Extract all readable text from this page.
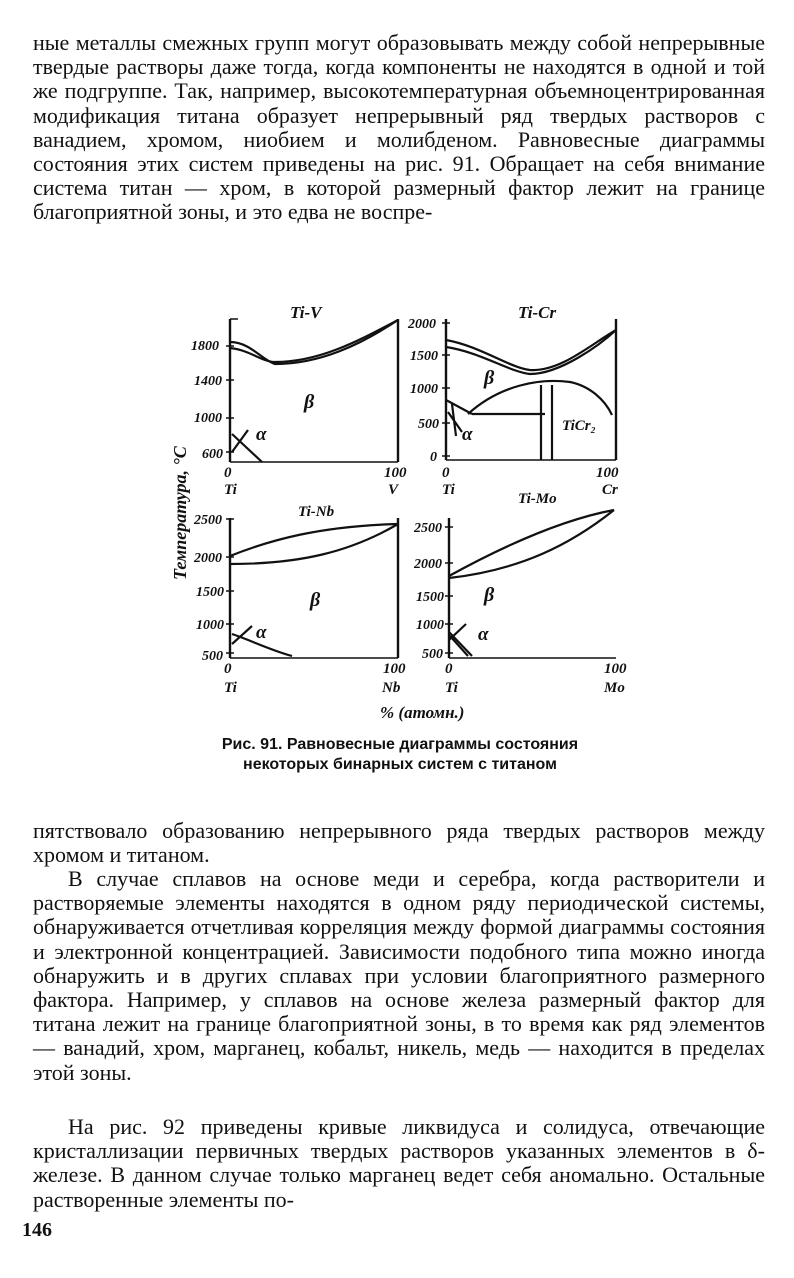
ные металлы смежных групп могут образовывать между собой непрерывные твердые растворы даже тогда, когда компоненты не находятся в одной и той же подгруппе. Так, например, высокотемпературная объемноцентрированная модификация титана образует непрерывный ряд твердых растворов с ванадием, хромом, ниобием и молибденом. Равновесные диаграммы состояния этих систем приведены на рис. 91. Обращает на себя внимание система титан — хром, в которой размерный фактор лежит на границе благоприятной зоны, и это едва не воспре-

Ti-V	Ti-Cr
Ti-Nb
Ti-Mo
1800
1400
1000
600
0	100
Ti	V
β
α
2000
1500
1000
500
0
0	100
Ti	Cr
β
α	TiCr₂
2500
2000
1500
1000
500
0	100
Ti	Nb
β
α
2500
2000
1500
1000
500
0	100
Ti	Mo
β
α
Температура, °С
% (атомн.)
Рис. 91. Равновесные диаграммы состояния
некоторых бинарных систем с титаном

пятствовало образованию непрерывного ряда твердых растворов между хромом и титаном.

В случае сплавов на основе меди и серебра, когда растворители и растворяемые элементы находятся в одном ряду периодической системы, обнаруживается отчетливая корреляция между формой диаграммы состояния и электронной концентрацией. Зависимости подобного типа можно иногда обнаружить и в других сплавах при условии благоприятного размерного фактора. Например, у сплавов на основе железа размерный фактор для титана лежит на границе благоприятной зоны, в то время как ряд элементов — ванадий, хром, марганец, кобальт, никель, медь — находится в пределах этой зоны.

На рис. 92 приведены кривые ликвидуса и солидуса, отвечающие кристаллизации первичных твердых растворов указанных элементов в δ-железе. В данном случае только марганец ведет себя аномально. Остальные растворенные элементы по-

146
